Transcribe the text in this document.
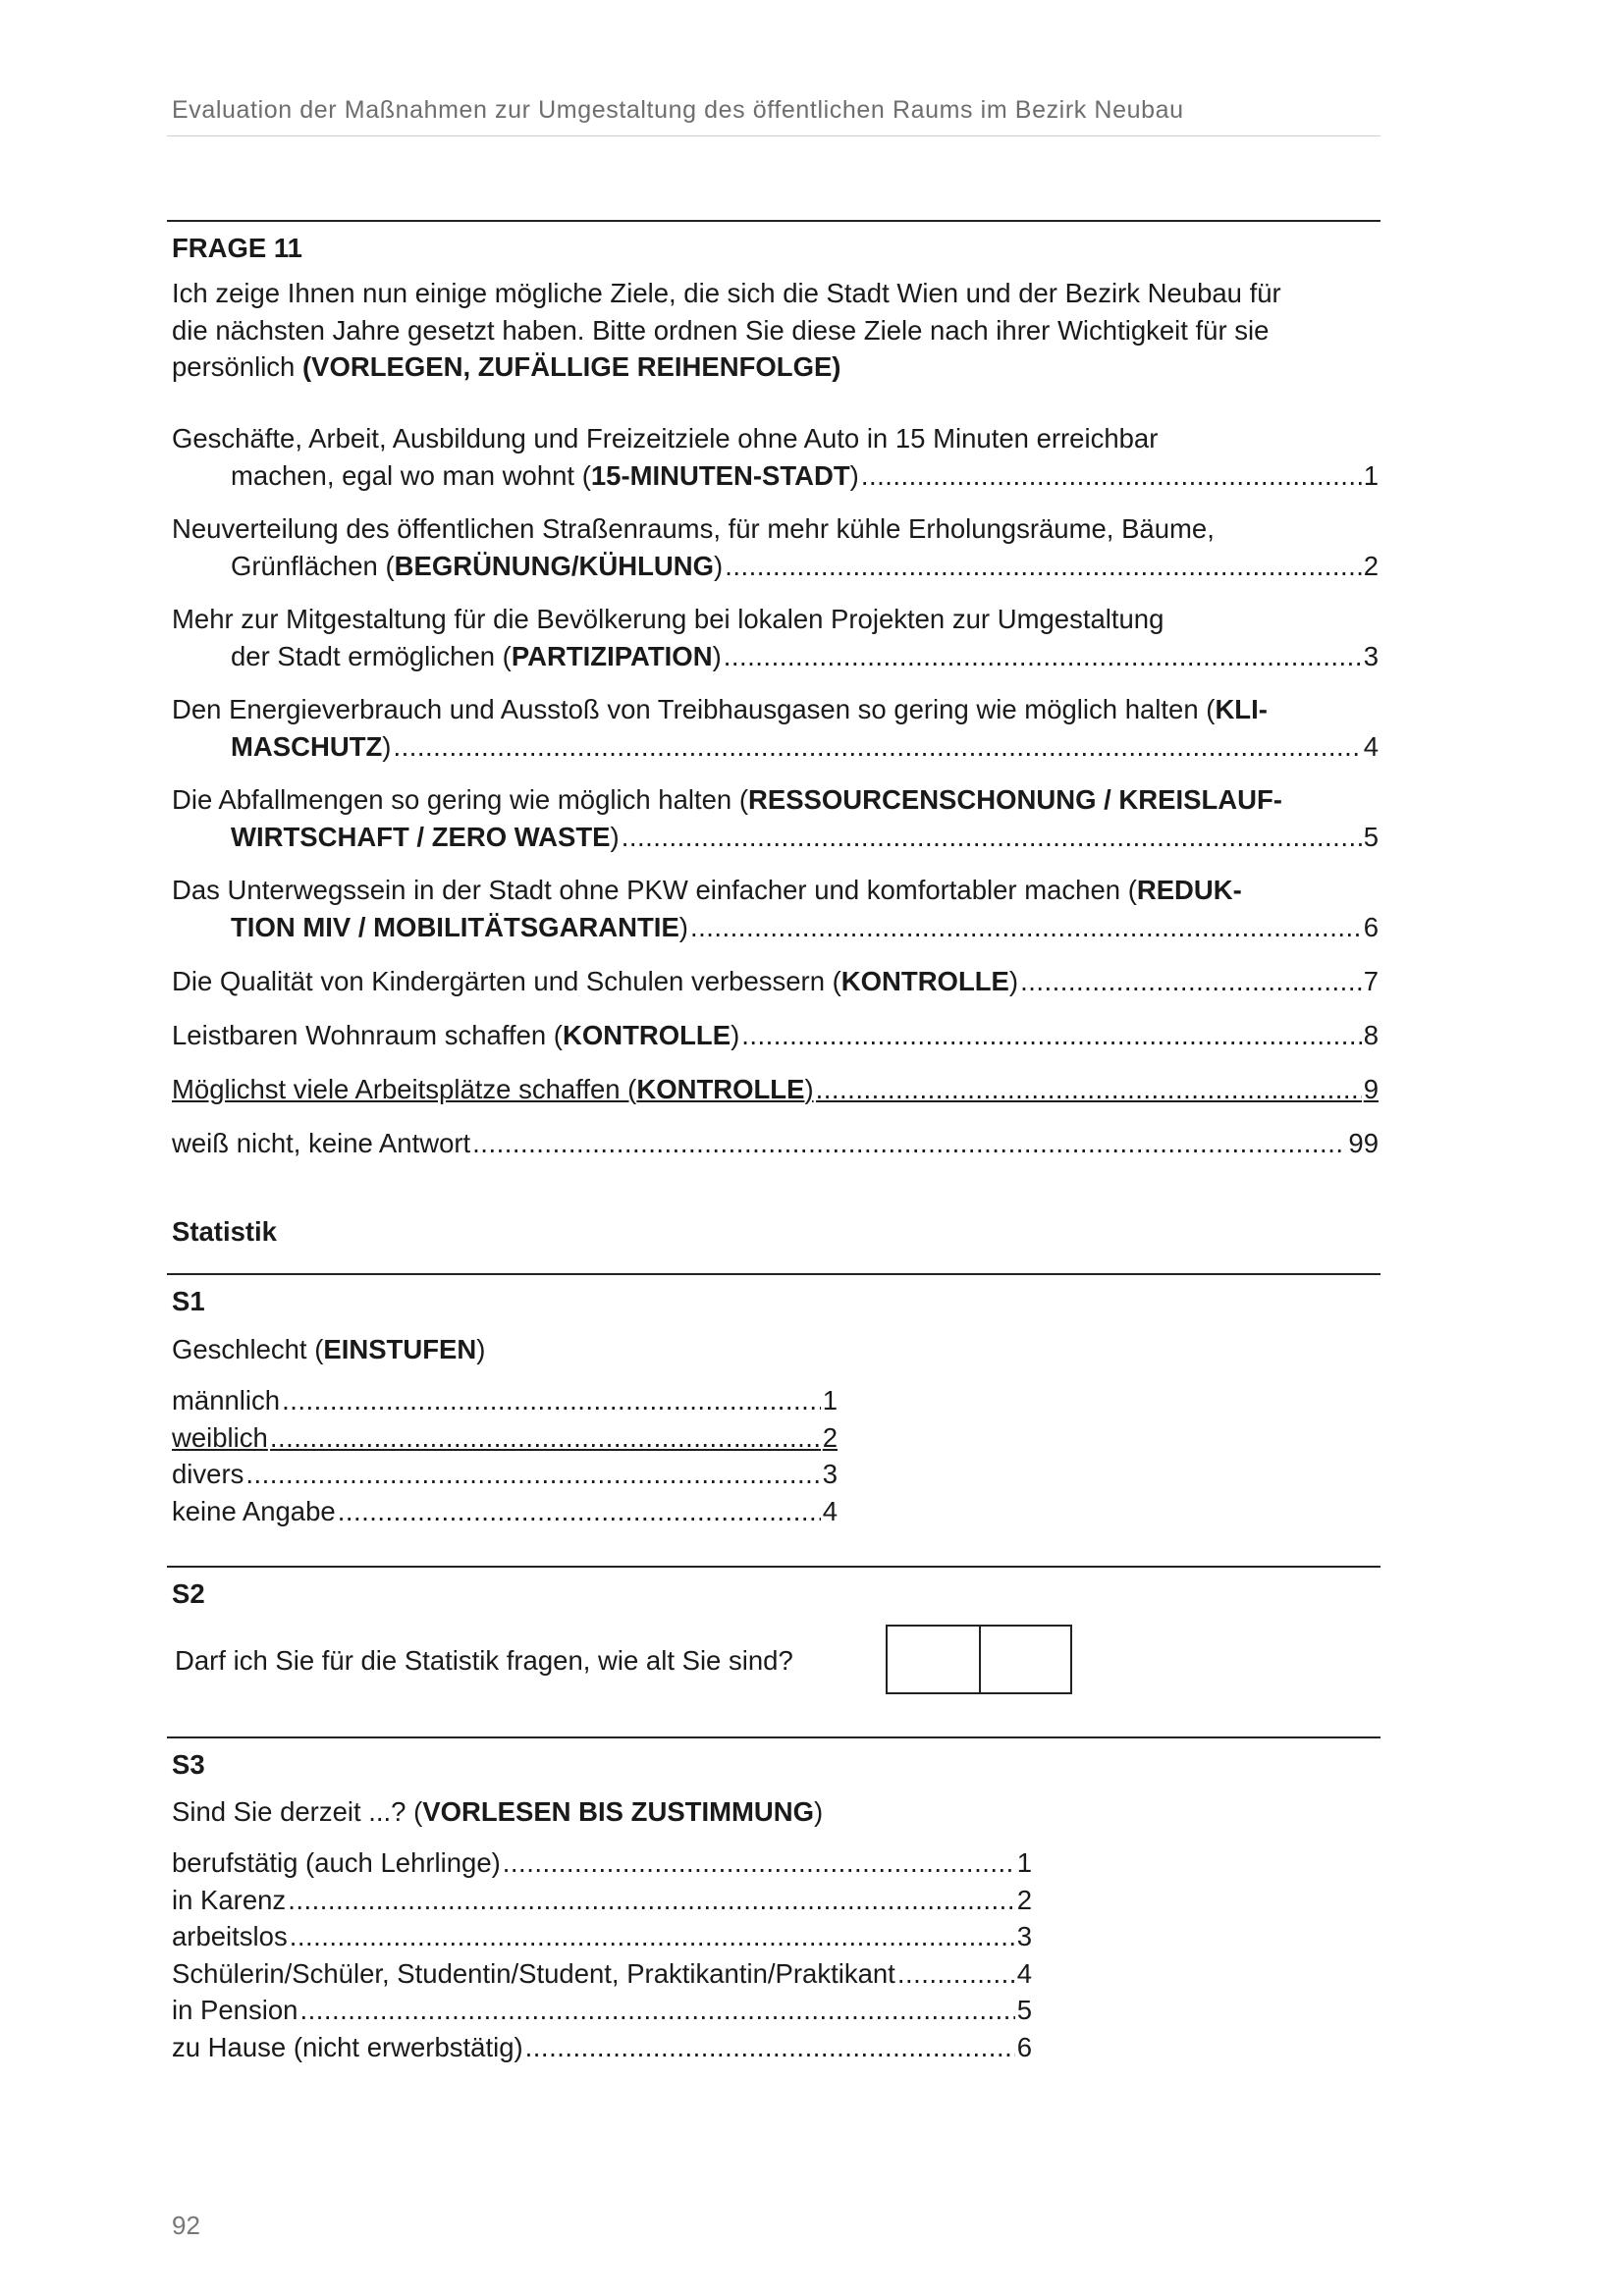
Evaluation der Maßnahmen zur Umgestaltung des öffentlichen Raums im Bezirk Neubau
FRAGE 11
Ich zeige Ihnen nun einige mögliche Ziele, die sich die Stadt Wien und der Bezirk Neubau für
die nächsten Jahre gesetzt haben. Bitte ordnen Sie diese Ziele nach ihrer Wichtigkeit für sie
persönlich (VORLEGEN, ZUFÄLLIGE REIHENFOLGE)
Geschäfte, Arbeit, Ausbildung und Freizeitziele ohne Auto in 15 Minuten erreichbar
machen, egal wo man wohnt (15-MINUTEN-STADT) .....	1
Neuverteilung des öffentlichen Straßenraums, für mehr kühle Erholungsräume, Bäume,
Grünflächen (BEGRÜNUNG/KÜHLUNG) .....	2
Mehr zur Mitgestaltung für die Bevölkerung bei lokalen Projekten zur Umgestaltung
der Stadt ermöglichen (PARTIZIPATION) .....	3
Den Energieverbrauch und Ausstoß von Treibhausgasen so gering wie möglich halten (KLI-
MASCHUTZ) .....	4
Die Abfallmengen so gering wie möglich halten (RESSOURCENSCHONUNG / KREISLAUF-
WIRTSCHAFT / ZERO WASTE) .....	5
Das Unterwegssein in der Stadt ohne PKW einfacher und komfortabler machen (REDUK-
TION MIV / MOBILITÄTSGARANTIE) .....	6
Die Qualität von Kindergärten und Schulen verbessern (KONTROLLE) .....	7
Leistbaren Wohnraum schaffen (KONTROLLE) .....	8
Möglichst viele Arbeitsplätze schaffen (KONTROLLE) .....	9
weiß nicht, keine Antwort .....	99
Statistik
S1
Geschlecht (EINSTUFEN)
männlich .....	1
weiblich .....	2
divers .....	3
keine Angabe .....	4
S2
Darf ich Sie für die Statistik fragen, wie alt Sie sind?
S3
Sind Sie derzeit ...? (VORLESEN BIS ZUSTIMMUNG)
berufstätig (auch Lehrlinge) .....	1
in Karenz .....	2
arbeitslos .....	3
Schülerin/Schüler, Studentin/Student, Praktikantin/Praktikant .....	4
in Pension .....	5
zu Hause (nicht erwerbstätig) .....	6
92
